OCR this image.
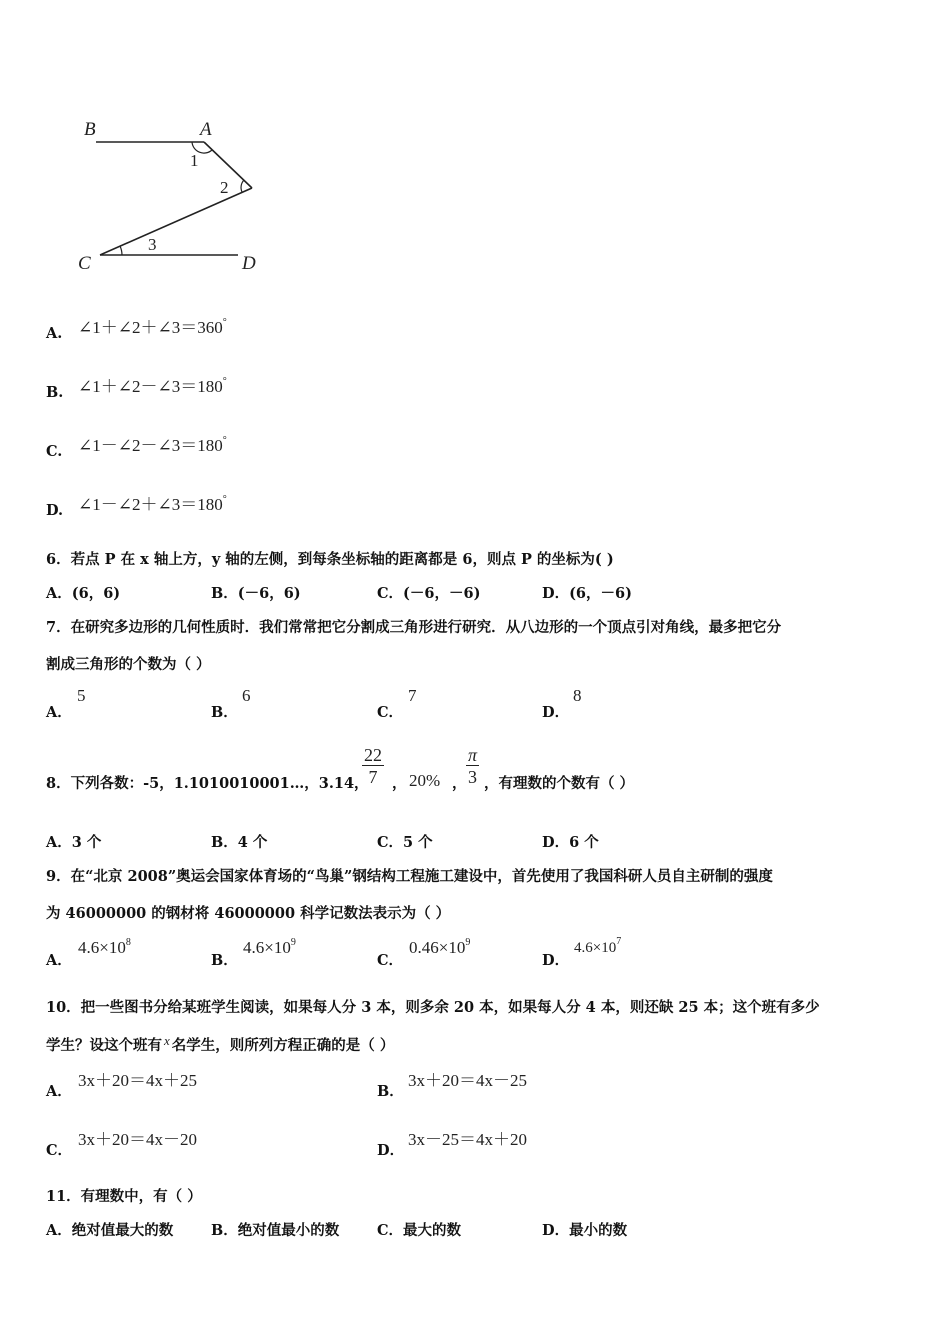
B	A
C	D
1
2
3
A. ∠1＋∠2＋∠3＝360°
B. ∠1＋∠2－∠3＝180°
C. ∠1－∠2－∠3＝180°
D. ∠1－∠2＋∠3＝180°
6．若点 P 在 x 轴上方，y 轴的左侧，到每条坐标轴的距离都是 6，则点 P 的坐标为( )
A．(6，6)	B．(－6，6)	C．(－6，－6)	D．(6，－6)
7．在研究多边形的几何性质时．我们常常把它分割成三角形进行研究．从八边形的一个顶点引对角线，最多把它分
割成三角形的个数为（ ）
A．
5
B．
6
C．
7
D．
8
8．下列各数：-5，1.1010010001…，3.14，
$\frac{22}{7}$ ， 20% ， $\frac{\pi}{3}$ ，有理数的个数有（ ）
A．3 个	B．4 个	C．5 个	D．6 个
9．在“北京 2008”奥运会国家体育场的“鸟巢”钢结构工程施工建设中，首先使用了我国科研人员自主研制的强度
为 46000000 的钢材将 46000000 科学记数法表示为（ ）
A．
$4.6\times 10^8$
B．
$4.6\times 10^9$
C．
$0.46\times 10^9$
D．
$4.6\times 10^7$
10．把一些图书分给某班学生阅读，如果每人分 3 本，则多余 20 本，如果每人分 4 本，则还缺 25 本；这个班有多少
学生？设这个班有 x 名学生，则所列方程正确的是（ ）
A．
3x＋20＝4x＋25
B．
3x＋20＝4x－25
C．
3x＋20＝4x－20
D．
3x－25＝4x＋20
11．有理数中，有（ ）
A．绝对值最大的数	B．绝对值最小的数	C．最大的数	D．最小的数
